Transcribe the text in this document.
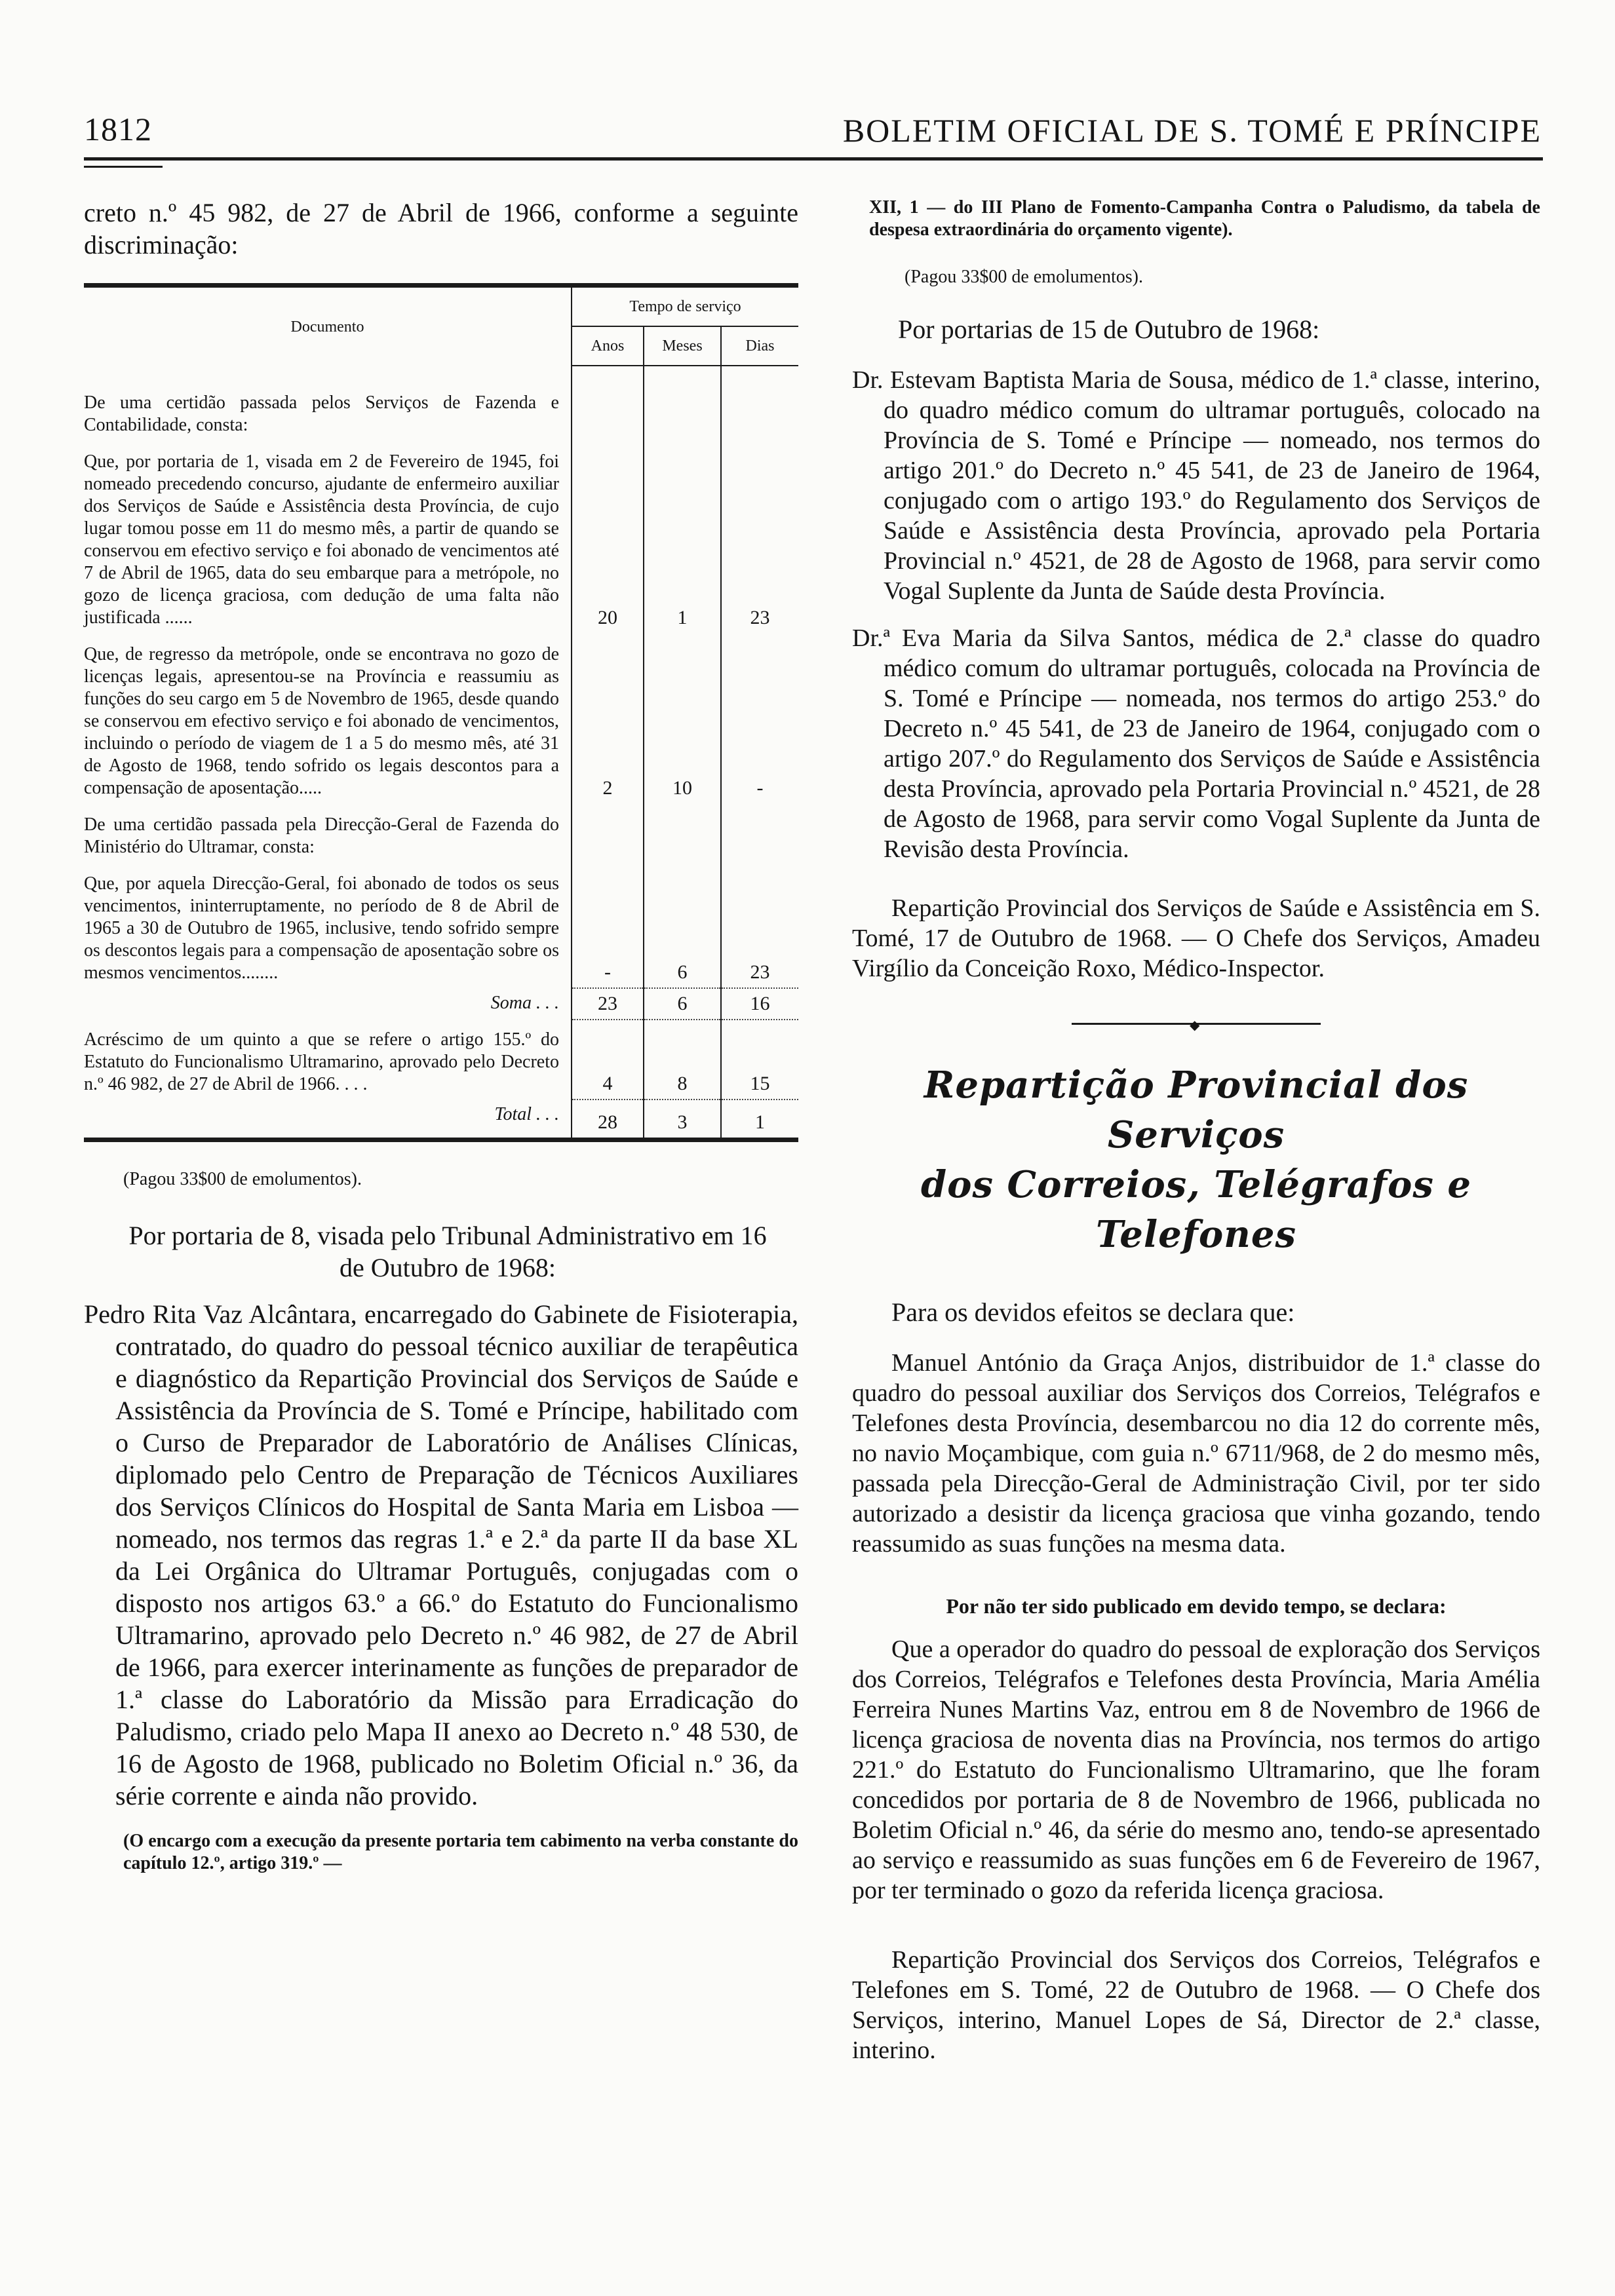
1812	BOLETIM OFICIAL DE S. TOMÉ E PRÍNCIPE

creto n.º 45 982, de 27 de Abril de 1966, conforme a seguinte discriminação:

Documento	Tempo de serviço		
	Anos	Meses	Dias
De uma certidão passada pelos Serviços de Fazenda e Contabilidade, consta:			
Que, por portaria de 1, visada em 2 de Fevereiro de 1945, foi nomeado precedendo concurso, ajudante de enfermeiro auxiliar dos Serviços de Saúde e Assistência desta Província, de cujo lugar tomou posse em 11 do mesmo mês, a partir de quando se conservou em efectivo serviço e foi abonado de vencimentos até 7 de Abril de 1965, data do seu embarque para a metrópole, no gozo de licença graciosa, com dedução de uma falta não justificada ......	20	1	23
Que, de regresso da metrópole, onde se encontrava no gozo de licenças legais, apresentou-se na Província e reassumiu as funções do seu cargo em 5 de Novembro de 1965, desde quando se conservou em efectivo serviço e foi abonado de vencimentos, incluindo o período de viagem de 1 a 5 do mesmo mês, até 31 de Agosto de 1968, tendo sofrido os legais descontos para a compensação de aposentação.....	2	10	-
De uma certidão passada pela Direcção-Geral de Fazenda do Ministério do Ultramar, consta:			
Que, por aquela Direcção-Geral, foi abonado de todos os seus vencimentos, ininterruptamente, no período de 8 de Abril de 1965 a 30 de Outubro de 1965, inclusive, tendo sofrido sempre os descontos legais para a compensação de aposentação sobre os mesmos vencimentos........	-	6	23
Soma . . .	23	6	16
Acréscimo de um quinto a que se refere o artigo 155.º do Estatuto do Funcionalismo Ultramarino, aprovado pelo Decreto n.º 46 982, de 27 de Abril de 1966. . . .	4	8	15
Total . . .	28	3	1

(Pagou 33$00 de emolumentos).

Por portaria de 8, visada pelo Tribunal Administrativo em 16 de Outubro de 1968:

Pedro Rita Vaz Alcântara, encarregado do Gabinete de Fisioterapia, contratado, do quadro do pessoal técnico auxiliar de terapêutica e diagnóstico da Repartição Provincial dos Serviços de Saúde e Assistência da Província de S. Tomé e Príncipe, habilitado com o Curso de Preparador de Laboratório de Análises Clínicas, diplomado pelo Centro de Preparação de Técnicos Auxiliares dos Serviços Clínicos do Hospital de Santa Maria em Lisboa — nomeado, nos termos das regras 1.ª e 2.ª da parte II da base XL da Lei Orgânica do Ultramar Português, conjugadas com o disposto nos artigos 63.º a 66.º do Estatuto do Funcionalismo Ultramarino, aprovado pelo Decreto n.º 46 982, de 27 de Abril de 1966, para exercer interinamente as funções de preparador de 1.ª classe do Laboratório da Missão para Erradicação do Paludismo, criado pelo Mapa II anexo ao Decreto n.º 48 530, de 16 de Agosto de 1968, publicado no Boletim Oficial n.º 36, da série corrente e ainda não provido.

(O encargo com a execução da presente portaria tem cabimento na verba constante do capítulo 12.º, artigo 319.º —

XII, 1 — do III Plano de Fomento-Campanha Contra o Paludismo, da tabela de despesa extraordinária do orçamento vigente).

(Pagou 33$00 de emolumentos).

Por portarias de 15 de Outubro de 1968:

Dr. Estevam Baptista Maria de Sousa, médico de 1.ª classe, interino, do quadro médico comum do ultramar português, colocado na Província de S. Tomé e Príncipe — nomeado, nos termos do artigo 201.º do Decreto n.º 45 541, de 23 de Janeiro de 1964, conjugado com o artigo 193.º do Regulamento dos Serviços de Saúde e Assistência desta Província, aprovado pela Portaria Provincial n.º 4521, de 28 de Agosto de 1968, para servir como Vogal Suplente da Junta de Saúde desta Província.

Dr.ª Eva Maria da Silva Santos, médica de 2.ª classe do quadro médico comum do ultramar português, colocada na Província de S. Tomé e Príncipe — nomeada, nos termos do artigo 253.º do Decreto n.º 45 541, de 23 de Janeiro de 1964, conjugado com o artigo 207.º do Regulamento dos Serviços de Saúde e Assistência desta Província, aprovado pela Portaria Provincial n.º 4521, de 28 de Agosto de 1968, para servir como Vogal Suplente da Junta de Revisão desta Província.

Repartição Provincial dos Serviços de Saúde e Assistência em S. Tomé, 17 de Outubro de 1968. — O Chefe dos Serviços, Amadeu Virgílio da Conceição Roxo, Médico-Inspector.

◆
Repartição Provincial dos Serviços
dos Correios, Telégrafos e Telefones

Para os devidos efeitos se declara que:

Manuel António da Graça Anjos, distribuidor de 1.ª classe do quadro do pessoal auxiliar dos Serviços dos Correios, Telégrafos e Telefones desta Província, desembarcou no dia 12 do corrente mês, no navio Moçambique, com guia n.º 6711/968, de 2 do mesmo mês, passada pela Direcção-Geral de Administração Civil, por ter sido autorizado a desistir da licença graciosa que vinha gozando, tendo reassumido as suas funções na mesma data.

Por não ter sido publicado em devido tempo, se declara:

Que a operador do quadro do pessoal de exploração dos Serviços dos Correios, Telégrafos e Telefones desta Província, Maria Amélia Ferreira Nunes Martins Vaz, entrou em 8 de Novembro de 1966 de licença graciosa de noventa dias na Província, nos termos do artigo 221.º do Estatuto do Funcionalismo Ultramarino, que lhe foram concedidos por portaria de 8 de Novembro de 1966, publicada no Boletim Oficial n.º 46, da série do mesmo ano, tendo-se apresentado ao serviço e reassumido as suas funções em 6 de Fevereiro de 1967, por ter terminado o gozo da referida licença graciosa.

Repartição Provincial dos Serviços dos Correios, Telégrafos e Telefones em S. Tomé, 22 de Outubro de 1968. — O Chefe dos Serviços, interino, Manuel Lopes de Sá, Director de 2.ª classe, interino.
